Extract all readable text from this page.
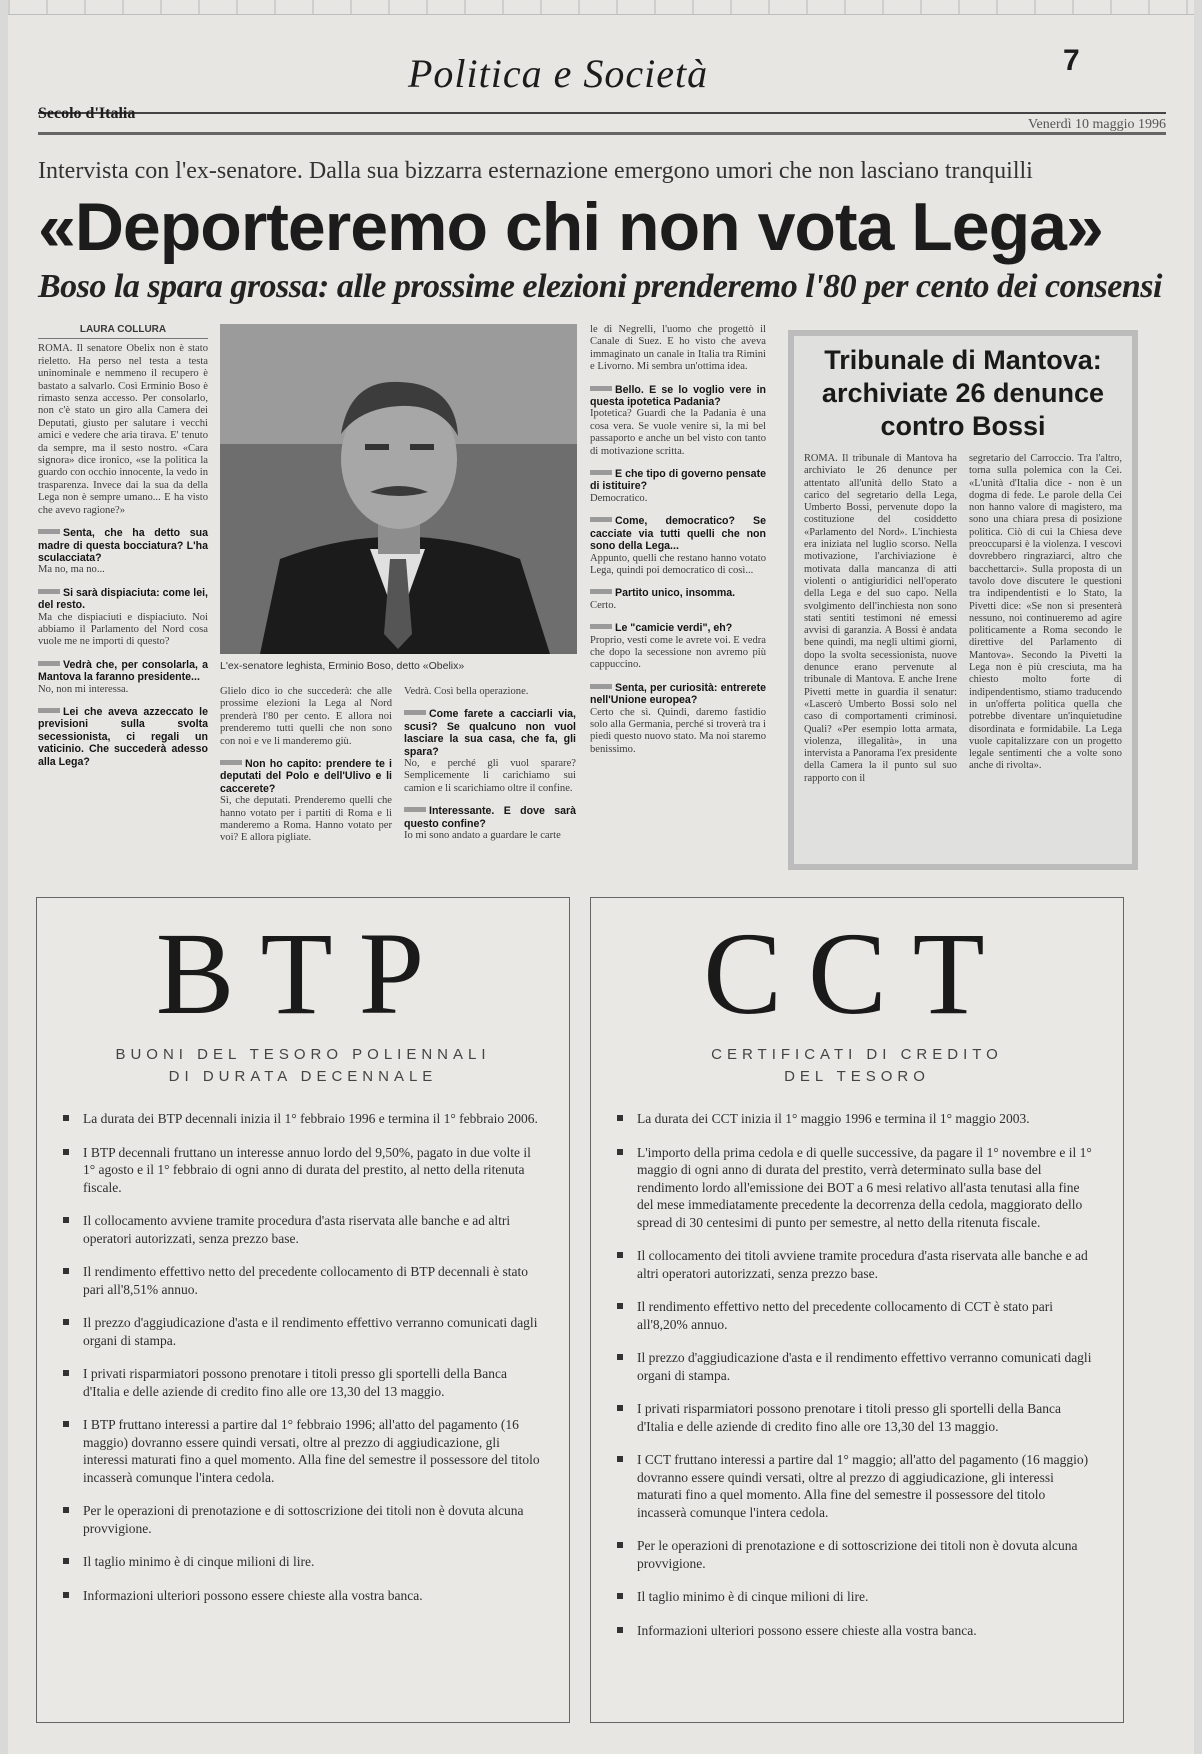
Politica e Società	7
Secolo d'Italia
Venerdì 10 maggio 1996
Intervista con l'ex-senatore. Dalla sua bizzarra esternazione emergono umori che non lasciano tranquilli
«Deporteremo chi non vota Lega»
Boso la spara grossa: alle prossime elezioni prenderemo l'80 per cento dei consensi
LAURA COLLURA
ROMA. Il senatore Obelix non è stato rieletto. Ha perso nel testa a testa uninominale e nemmeno il recupero è bastato a salvarlo. Così Erminio Boso è rimasto senza accesso. Per consolarlo, non c'è stato un giro alla Camera dei Deputati, giusto per salutare i vecchi amici e vedere che aria tirava. E' tenuto da sempre, ma il sesto nostro. «Cara signora» dice ironico, «se la politica la guardo con occhio innocente, la vedo in trasparenza. Invece dai la sua da della Lega non è sempre umano... E ha visto che avevo ragione?»
Senta, che ha detto sua madre di questa bocciatura? L'ha sculacciata?
Ma no, ma no...
Si sarà dispiaciuta: come lei, del resto.
Ma che dispiaciuti e dispiaciuto. Noi abbiamo il Parlamento del Nord cosa vuole me ne importi di questo?
Vedrà che, per consolarla, a Mantova la faranno presidente...
No, non mi interessa.
Lei che aveva azzeccato le previsioni sulla svolta secessionista, ci regali un vaticinio. Che succederà adesso alla Lega?
L'ex-senatore leghista, Erminio Boso, detto «Obelix»
Glielo dico io che succederà: che alle prossime elezioni la Lega al Nord prenderà l'80 per cento. E allora noi prenderemo tutti quelli che non sono con noi e ve li manderemo giù.
Non ho capito: prendere te i deputati del Polo e dell'Ulivo e li caccerete?
Sì, che deputati. Prenderemo quelli che hanno votato per i partiti di Roma e li manderemo a Roma. Hanno votato per voi? E allora pigliate.
Vedrà. Così bella operazione.
Come farete a cacciarli via, scusi? Se qualcuno non vuol lasciare la sua casa, che fa, gli spara?
No, e perché gli vuol sparare? Semplicemente li carichiamo sui camion e li scarichiamo oltre il confine.
Interessante. E dove sarà questo confine?
Io mi sono andato a guardare le carte
le di Negrelli, l'uomo che progettò il Canale di Suez. E ho visto che aveva immaginato un canale in Italia tra Rimini e Livorno. Mi sembra un'ottima idea.
Bello. E se lo voglio vere in questa ipotetica Padania?
Ipotetica? Guardi che la Padania è una cosa vera. Se vuole venire sì, la mi bel passaporto e anche un bel visto con tanto di motivazione scritta.
E che tipo di governo pensate di istituire?
Democratico.
Come, democratico? Se cacciate via tutti quelli che non sono della Lega...
Appunto, quelli che restano hanno votato Lega, quindi poi democratico di così...
Partito unico, insomma.
Certo.
Le "camicie verdi", eh?
Proprio, vesti come le avrete voi. E vedra che dopo la secessione non avremo più cappuccino.
Senta, per curiosità: entrerete nell'Unione europea?
Certo che sì. Quindi, daremo fastidio solo alla Germania, perché si troverà tra i piedi questo nuovo stato. Ma noi staremo benissimo.
Tribunale di Mantova: archiviate 26 denunce contro Bossi
ROMA. Il tribunale di Mantova ha archiviato le 26 denunce per attentato all'unità dello Stato a carico del segretario della Lega, Umberto Bossi, pervenute dopo la costituzione del cosiddetto «Parlamento del Nord». L'inchiesta era iniziata nel luglio scorso. Nella motivazione, l'archiviazione è motivata dalla mancanza di atti violenti o antigiuridici nell'operato della Lega e del suo capo. Nella svolgimento dell'inchiesta non sono stati sentiti testimoni né emessi avvisi di garanzia. A Bossi è andata bene quindi, ma negli ultimi giorni, dopo la svolta secessionista, nuove denunce erano pervenute al tribunale di Mantova. E anche Irene Pivetti mette in guardia il senatur: «Lascerò Umberto Bossi solo nel caso di comportamenti criminosi. Quali? «Per esempio lotta armata, violenza, illegalità», in una intervista a Panorama l'ex presidente della Camera la il punto sul suo rapporto con il
segretario del Carroccio. Tra l'altro, torna sulla polemica con la Cei. «L'unità d'Italia dice - non è un dogma di fede. Le parole della Cei non hanno valore di magistero, ma sono una chiara presa di posizione politica. Ciò di cui la Chiesa deve preoccuparsi è la violenza. I vescovi dovrebbero ringraziarci, altro che bacchettarci». Sulla proposta di un tavolo dove discutere le questioni tra indipendentisti e lo Stato, la Pivetti dice: «Se non si presenterà nessuno, noi continueremo ad agire politicamente a Roma secondo le direttive del Parlamento di Mantova». Secondo la Pivetti la Lega non è più cresciuta, ma ha chiesto molto forte di indipendentismo, stiamo traducendo in un'offerta politica quella che potrebbe diventare un'inquietudine disordinata e formidabile. La Lega vuole capitalizzare con un progetto legale sentimenti che a volte sono anche di rivolta».
BTP
BUONI DEL TESORO POLIENNALI
DI DURATA DECENNALE
La durata dei BTP decennali inizia il 1° febbraio 1996 e termina il 1° febbraio 2006.
I BTP decennali fruttano un interesse annuo lordo del 9,50%, pagato in due volte il 1° agosto e il 1° febbraio di ogni anno di durata del prestito, al netto della ritenuta fiscale.
Il collocamento avviene tramite procedura d'asta riservata alle banche e ad altri operatori autorizzati, senza prezzo base.
Il rendimento effettivo netto del precedente collocamento di BTP decennali è stato pari all'8,51% annuo.
Il prezzo d'aggiudicazione d'asta e il rendimento effettivo verranno comunicati dagli organi di stampa.
I privati risparmiatori possono prenotare i titoli presso gli sportelli della Banca d'Italia e delle aziende di credito fino alle ore 13,30 del 13 maggio.
I BTP fruttano interessi a partire dal 1° febbraio 1996; all'atto del pagamento (16 maggio) dovranno essere quindi versati, oltre al prezzo di aggiudicazione, gli interessi maturati fino a quel momento. Alla fine del semestre il possessore del titolo incasserà comunque l'intera cedola.
Per le operazioni di prenotazione e di sottoscrizione dei titoli non è dovuta alcuna provvigione.
Il taglio minimo è di cinque milioni di lire.
Informazioni ulteriori possono essere chieste alla vostra banca.
CCT
CERTIFICATI DI CREDITO
DEL TESORO
La durata dei CCT inizia il 1° maggio 1996 e termina il 1° maggio 2003.
L'importo della prima cedola e di quelle successive, da pagare il 1° novembre e il 1° maggio di ogni anno di durata del prestito, verrà determinato sulla base del rendimento lordo all'emissione dei BOT a 6 mesi relativo all'asta tenutasi alla fine del mese immediatamente precedente la decorrenza della cedola, maggiorato dello spread di 30 centesimi di punto per semestre, al netto della ritenuta fiscale.
Il collocamento dei titoli avviene tramite procedura d'asta riservata alle banche e ad altri operatori autorizzati, senza prezzo base.
Il rendimento effettivo netto del precedente collocamento di CCT è stato pari all'8,20% annuo.
Il prezzo d'aggiudicazione d'asta e il rendimento effettivo verranno comunicati dagli organi di stampa.
I privati risparmiatori possono prenotare i titoli presso gli sportelli della Banca d'Italia e delle aziende di credito fino alle ore 13,30 del 13 maggio.
I CCT fruttano interessi a partire dal 1° maggio; all'atto del pagamento (16 maggio) dovranno essere quindi versati, oltre al prezzo di aggiudicazione, gli interessi maturati fino a quel momento. Alla fine del semestre il possessore del titolo incasserà comunque l'intera cedola.
Per le operazioni di prenotazione e di sottoscrizione dei titoli non è dovuta alcuna provvigione.
Il taglio minimo è di cinque milioni di lire.
Informazioni ulteriori possono essere chieste alla vostra banca.
